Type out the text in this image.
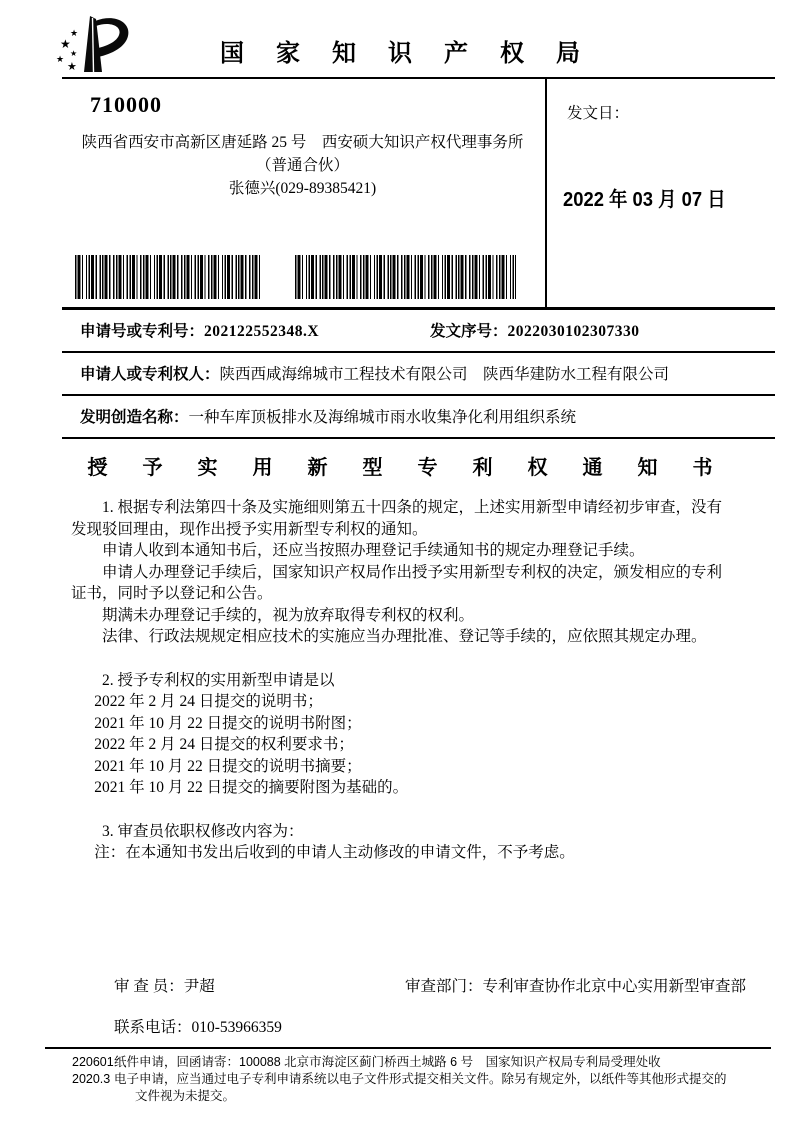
★
★
★
★
★	国 家 知 识 产 权 局
710000
陕西省西安市高新区唐延路 25 号　西安硕大知识产权代理事务所（普通合伙）
张德兴(029-89385421)
发文日：
2022 年 03 月 07 日
申请号或专利号：202122552348.X	发文序号：2022030102307330
申请人或专利权人：陕西西咸海绵城市工程技术有限公司　陕西华建防水工程有限公司
发明创造名称：一种车库顶板排水及海绵城市雨水收集净化利用组织系统
授 予 实 用 新 型 专 利 权 通 知 书

1. 根据专利法第四十条及实施细则第五十四条的规定，上述实用新型申请经初步审查，没有发现驳回理由，现作出授予实用新型专利权的通知。

申请人收到本通知书后，还应当按照办理登记手续通知书的规定办理登记手续。

申请人办理登记手续后，国家知识产权局作出授予实用新型专利权的决定，颁发相应的专利证书，同时予以登记和公告。

期满未办理登记手续的，视为放弃取得专利权的权利。

法律、行政法规规定相应技术的实施应当办理批准、登记等手续的，应依照其规定办理。

2. 授予专利权的实用新型申请是以

2022 年 2 月 24 日提交的说明书；

2021 年 10 月 22 日提交的说明书附图；

2022 年 2 月 24 日提交的权利要求书；

2021 年 10 月 22 日提交的说明书摘要；

2021 年 10 月 22 日提交的摘要附图为基础的。

3. 审查员依职权修改内容为：

注：在本通知书发出后收到的申请人主动修改的申请文件，不予考虑。

审 查 员：尹超	审查部门：专利审查协作北京中心实用新型审查部
联系电话：010-53966359
220601
2020.3
纸件申请，回函请寄：100088 北京市海淀区蓟门桥西土城路 6 号　国家知识产权局专利局受理处收
电子申请，应当通过电子专利申请系统以电子文件形式提交相关文件。除另有规定外，以纸件等其他形式提交的
文件视为未提交。
